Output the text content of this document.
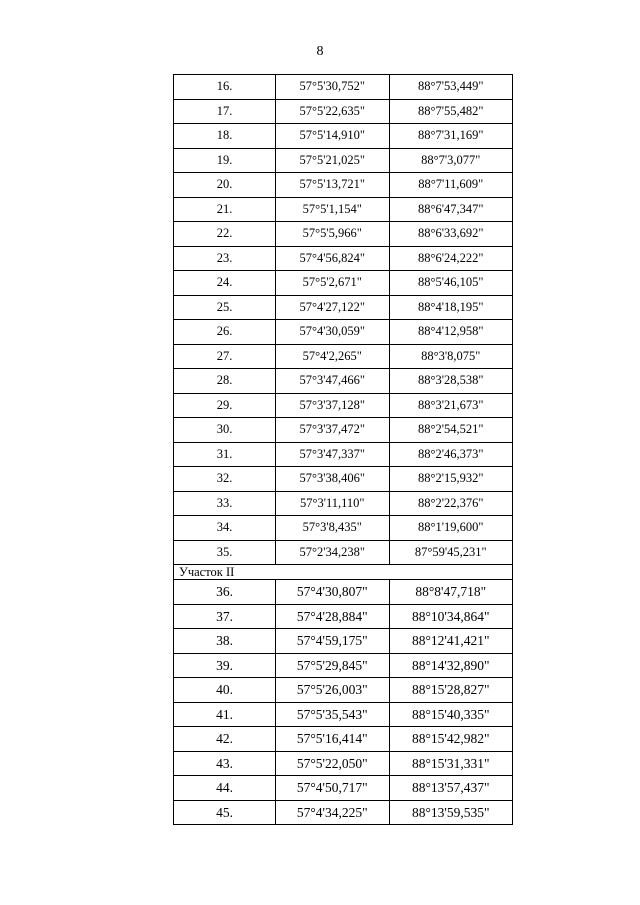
8
16.	57°5'30,752"	88°7'53,449"
17.	57°5'22,635"	88°7'55,482"
18.	57°5'14,910"	88°7'31,169"
19.	57°5'21,025"	88°7'3,077"
20.	57°5'13,721"	88°7'11,609"
21.	57°5'1,154"	88°6'47,347"
22.	57°5'5,966"	88°6'33,692"
23.	57°4'56,824"	88°6'24,222"
24.	57°5'2,671"	88°5'46,105"
25.	57°4'27,122"	88°4'18,195"
26.	57°4'30,059"	88°4'12,958"
27.	57°4'2,265"	88°3'8,075"
28.	57°3'47,466"	88°3'28,538"
29.	57°3'37,128"	88°3'21,673"
30.	57°3'37,472"	88°2'54,521"
31.	57°3'47,337"	88°2'46,373"
32.	57°3'38,406"	88°2'15,932"
33.	57°3'11,110"	88°2'22,376"
34.	57°3'8,435"	88°1'19,600"
35.	57°2'34,238"	87°59'45,231"
Участок II		
36.	57°4'30,807"	88°8'47,718"
37.	57°4'28,884"	88°10'34,864"
38.	57°4'59,175"	88°12'41,421"
39.	57°5'29,845"	88°14'32,890"
40.	57°5'26,003"	88°15'28,827"
41.	57°5'35,543"	88°15'40,335"
42.	57°5'16,414"	88°15'42,982"
43.	57°5'22,050"	88°15'31,331"
44.	57°4'50,717"	88°13'57,437"
45.	57°4'34,225"	88°13'59,535"
